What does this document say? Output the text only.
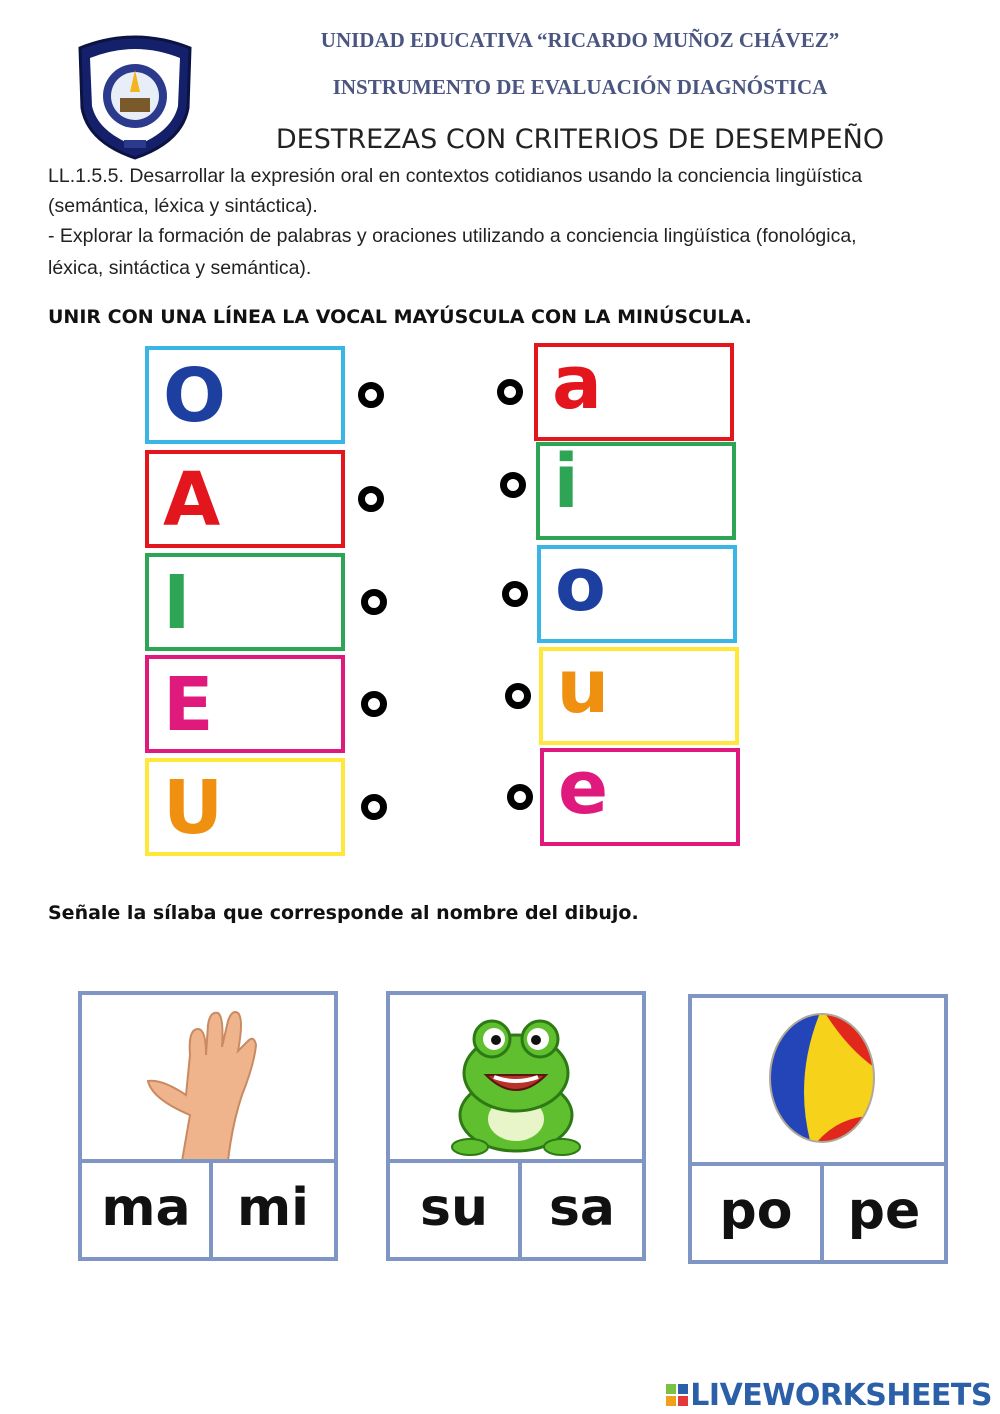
UNIDAD EDUCATIVA “RICARDO MUÑOZ CHÁVEZ”
INSTRUMENTO DE EVALUACIÓN DIAGNÓSTICA
DESTREZAS CON CRITERIOS DE DESEMPEÑO
LL.1.5.5. Desarrollar la expresión oral en contextos cotidianos usando la conciencia lingüística
(semántica, léxica y sintáctica).
- Explorar la formación de palabras y oraciones utilizando a conciencia lingüística (fonológica,
léxica, sintáctica y semántica).
UNIR CON UNA LÍNEA LA VOCAL MAYÚSCULA CON LA MINÚSCULA.
O
A
I
E
U
a
i
o
u
e
Señale la sílaba que corresponde al nombre del dibujo.
ma mi	su	sa	po	pe
LIVEWORKSHEETS
